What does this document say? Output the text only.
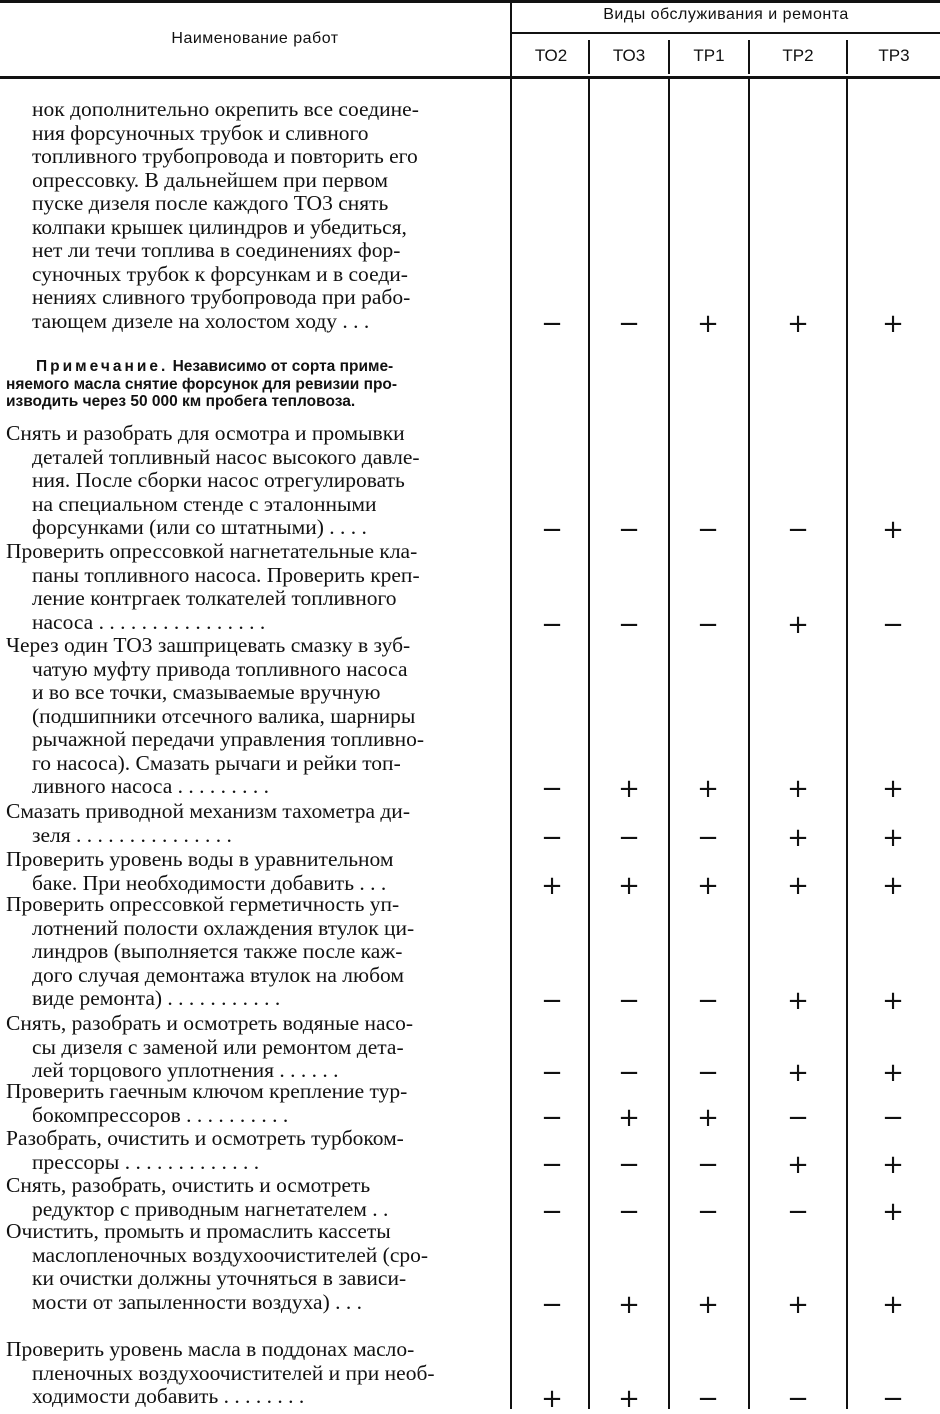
Наименование работ
Виды обслуживания и ремонта
ТО2	ТО3	ТР1	ТР2	ТР3
нок дополнительно окрепить все соедине-
ния форсуночных трубок и сливного
топливного трубопровода и повторить его
опрессовку. В дальнейшем при первом
пуске дизеля после каждого ТО3 снять
колпаки крышек цилиндров и убедиться,
нет ли течи топлива в соединениях фор-
суночных трубок к форсункам и в соеди-
нениях сливного трубопровода при рабо-
тающем дизеле на холостом ходу . . .	−	−	+	+	+
Примечание. Независимо от сорта приме-
няемого масла снятие форсунок для ревизии про-
изводить через 50 000 км пробега тепловоза.
Снять и разобрать для осмотра и промывки
деталей топливный насос высокого давле-
ния. После сборки насос отрегулировать
на специальном стенде с эталонными
форсунками (или со штатными) . . . .	−	−	−	−	+
Проверить опрессовкой нагнетательные кла-
паны топливного насоса. Проверить креп-
ление контргаек толкателей топливного
насоса . . . . . . . . . . . . . . . .	−	−	−	+	−
Через один ТО3 зашприцевать смазку в зуб-
чатую муфту привода топливного насоса
и во все точки, смазываемые вручную
(подшипники отсечного валика, шарниры
рычажной передачи управления топливно-
го насоса). Смазать рычаги и рейки топ-
ливного насоса . . . . . . . . .	−	+	+	+	+
Смазать приводной механизм тахометра ди-
зеля . . . . . . . . . . . . . . .	−	−	−	+	+
Проверить уровень воды в уравнительном
баке. При необходимости добавить . . .	+	+	+	+	+
Проверить опрессовкой герметичность уп-
лотнений полости охлаждения втулок ци-
линдров (выполняется также после каж-
дого случая демонтажа втулок на любом
виде ремонта) . . . . . . . . . . .	−	−	−	+	+
Снять, разобрать и осмотреть водяные насо-
сы дизеля с заменой или ремонтом дета-
лей торцового уплотнения . . . . . .	−	−	−	+	+
Проверить гаечным ключом крепление тур-
бокомпрессоров . . . . . . . . . .	−	+	+	−	−
Разобрать, очистить и осмотреть турбоком-
прессоры . . . . . . . . . . . . .	−	−	−	+	+
Снять, разобрать, очистить и осмотреть
редуктор с приводным нагнетателем . .	−	−	−	−	+
Очистить, промыть и промаслить кассеты
маслопленочных воздухоочистителей (сро-
ки очистки должны уточняться в зависи-
мости от запыленности воздуха) . . .	−	+	+	+	+
Проверить уровень масла в поддонах масло-
пленочных воздухоочистителей и при необ-
ходимости добавить . . . . . . . .	+	+	−	−	−
